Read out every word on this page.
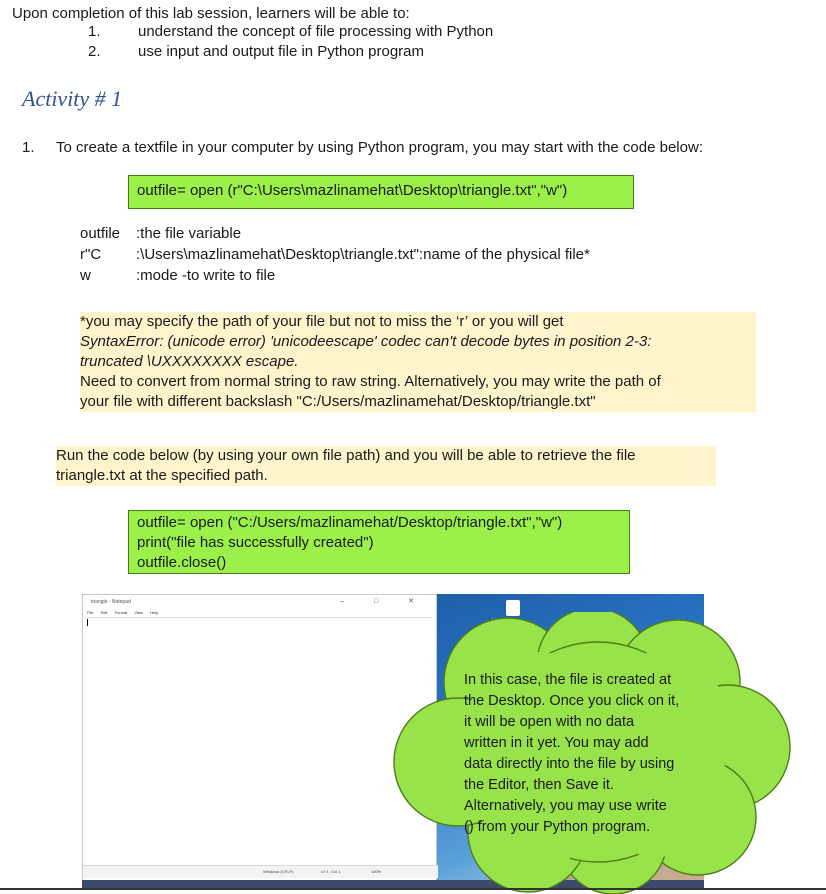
Upon completion of this lab session, learners will be able to:
1. understand the concept of file processing with Python
2. use input and output file in Python program
Activity # 1
1. To create a textfile in your computer by using Python program, you may start with the code below:
outfile= open (r"C:\Users\mazlinamehat\Desktop\triangle.txt","w")
outfile :the file variable
r"C :\Users\mazlinamehat\Desktop\triangle.txt":name of the physical file*
w	:mode -to write to file
*you may specify the path of your file but not to miss the ‘r’ or you will get
SyntaxError: (unicode error) 'unicodeescape' codec can't decode bytes in position 2-3:
truncated \UXXXXXXXX escape.
Need to convert from normal string to raw string. Alternatively, you may write the path of
your file with different backslash "C:/Users/mazlinamehat/Desktop/triangle.txt"
Run the code below (by using your own file path) and you will be able to retrieve the file
triangle.txt at the specified path.
outfile= open ("C:/Users/mazlinamehat/Desktop/triangle.txt","w")
print("file has successfully created")
outfile.close()
triangle - Notepad	– □ ✕
File Edit Format View Help
Windows (CRLF)	Ln 1, Col 1	100%
In this case, the file is created at
the Desktop. Once you click on it,
it will be open with no data
written in it yet. You may add
data directly into the file by using
the Editor, then Save it.
Alternatively, you may use write
() from your Python program.
